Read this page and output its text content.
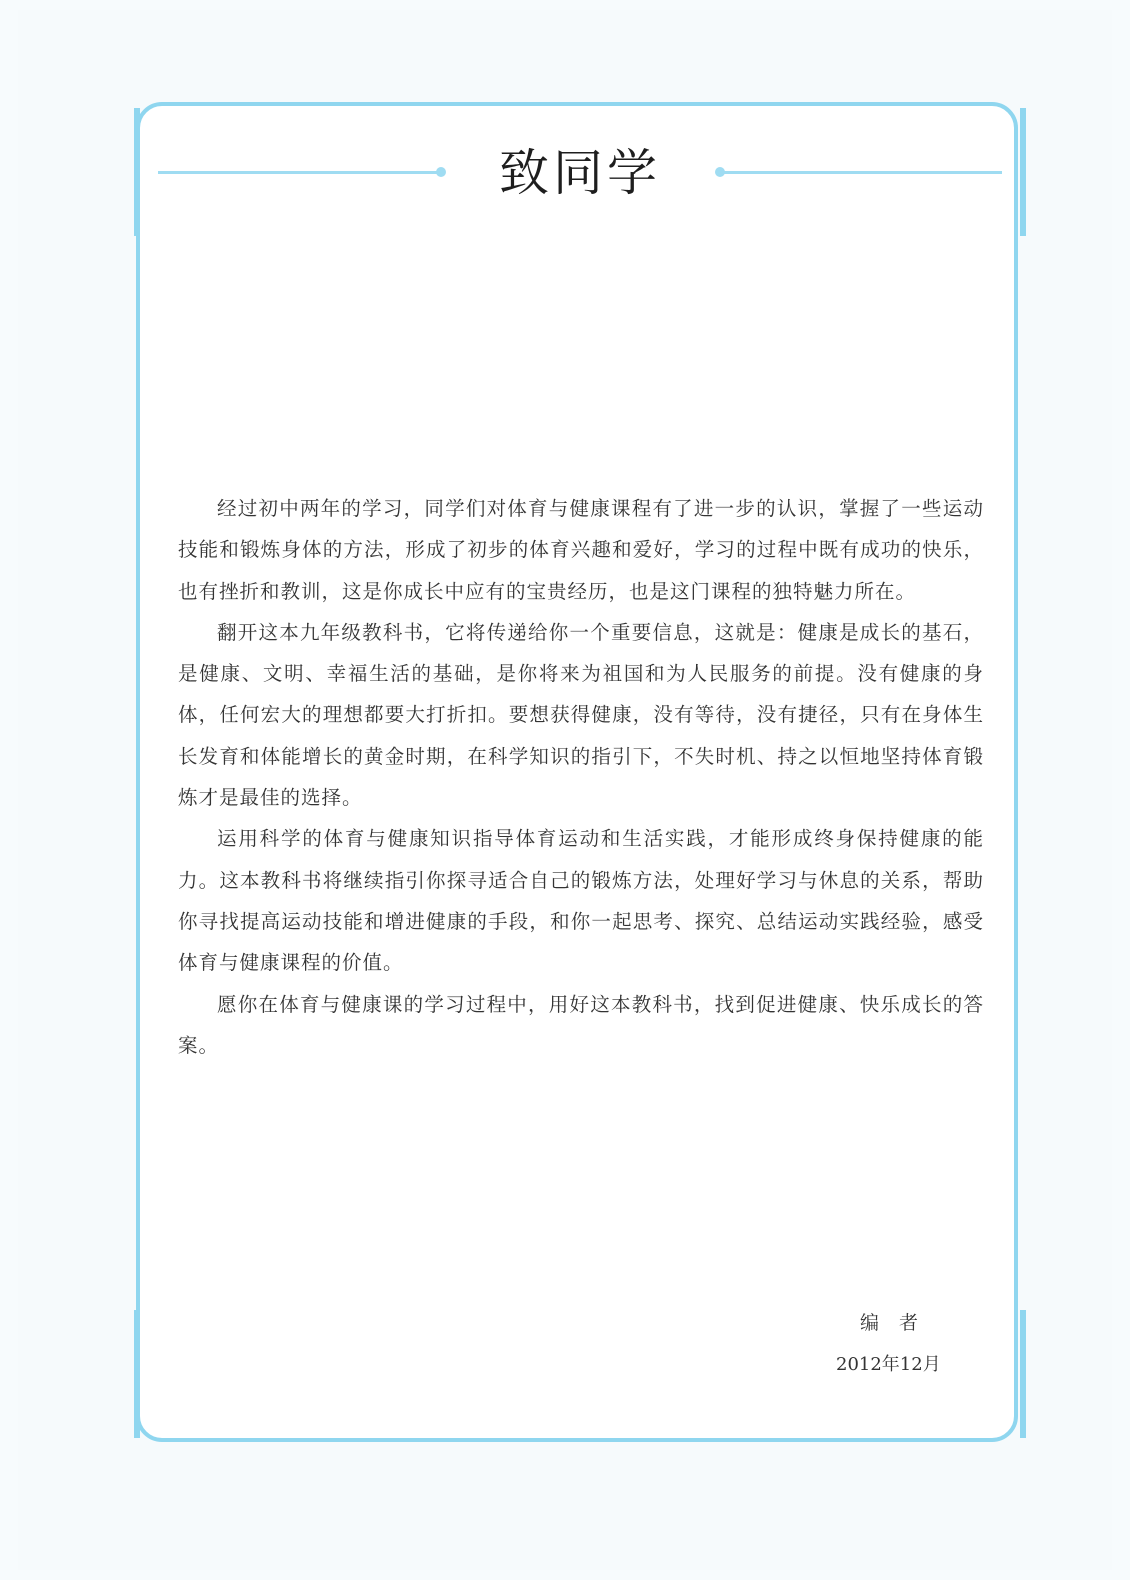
致同学

经过初中两年的学习，同学们对体育与健康课程有了进一步的认识，掌握了一些运动技能和锻炼身体的方法，形成了初步的体育兴趣和爱好，学习的过程中既有成功的快乐，也有挫折和教训，这是你成长中应有的宝贵经历，也是这门课程的独特魅力所在。

翻开这本九年级教科书，它将传递给你一个重要信息，这就是：健康是成长的基石，是健康、文明、幸福生活的基础，是你将来为祖国和为人民服务的前提。没有健康的身体，任何宏大的理想都要大打折扣。要想获得健康，没有等待，没有捷径，只有在身体生长发育和体能增长的黄金时期，在科学知识的指引下，不失时机、持之以恒地坚持体育锻炼才是最佳的选择。

运用科学的体育与健康知识指导体育运动和生活实践，才能形成终身保持健康的能力。这本教科书将继续指引你探寻适合自己的锻炼方法，处理好学习与休息的关系，帮助你寻找提高运动技能和增进健康的手段，和你一起思考、探究、总结运动实践经验，感受体育与健康课程的价值。

愿你在体育与健康课的学习过程中，用好这本教科书，找到促进健康、快乐成长的答案。

编者
2012年12月
